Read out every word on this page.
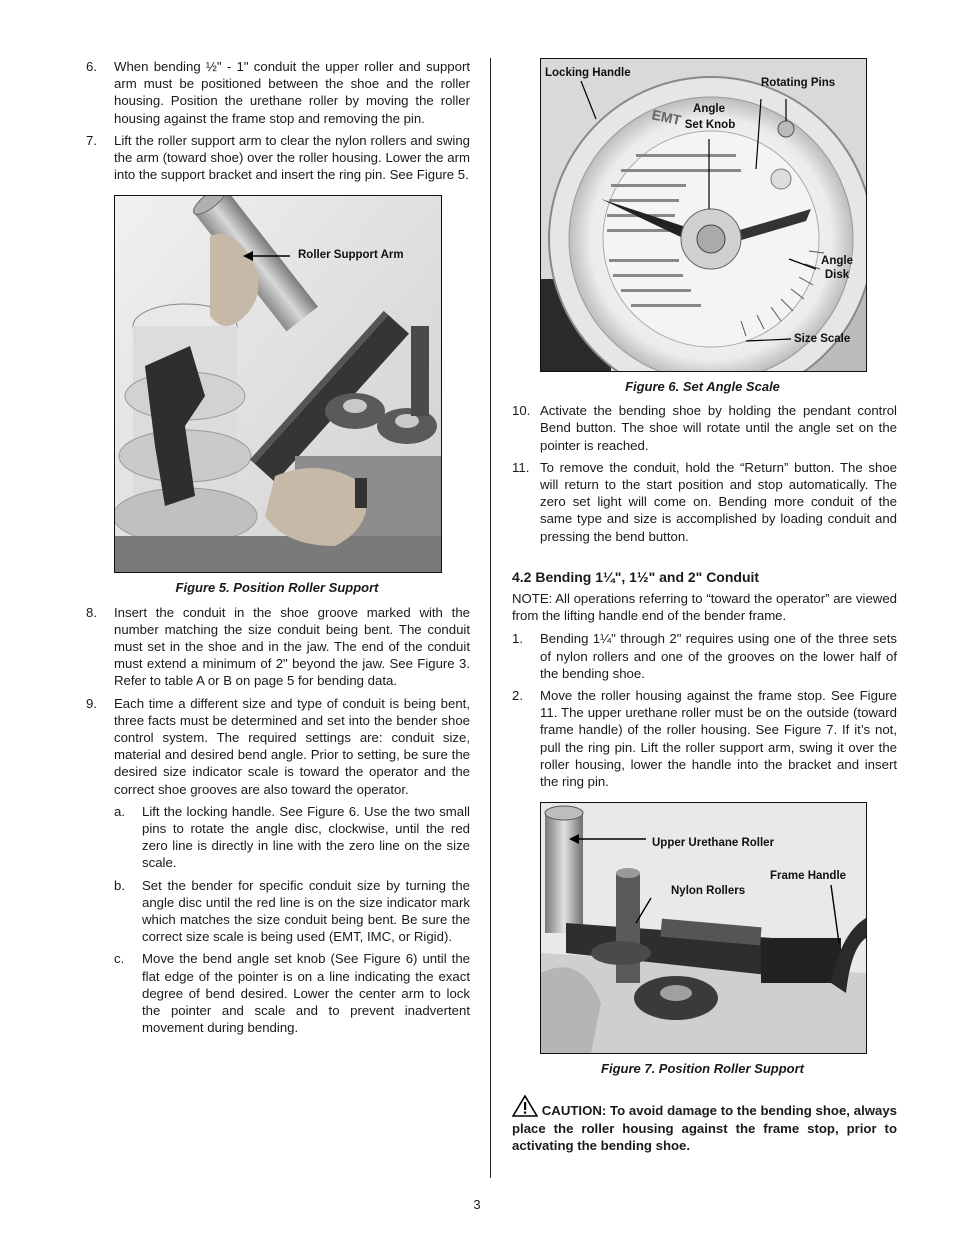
6. When bending ½" - 1" conduit the upper roller and support arm must be positioned between the shoe and the roller housing. Position the urethane roller by moving the roller housing against the frame stop and removing the pin.

7. Lift the roller support arm to clear the nylon rollers and swing the arm (toward shoe) over the roller housing. Lower the arm into the support bracket and insert the ring pin. See Figure 5.

Roller Support Arm
Figure 5. Position Roller Support
8. Insert the conduit in the shoe groove marked with the number matching the size conduit being bent. The conduit must set in the shoe and in the jaw. The end of the conduit must extend a minimum of 2" beyond the jaw. See Figure 3. Refer to table A or B on page 5 for bending data.

9. Each time a different size and type of conduit is being bent, three facts must be determined and set into the bender shoe control system. The required settings are: conduit size, material and desired bend angle. Prior to setting, be sure the desired size indicator scale is toward the operator and the correct shoe grooves are also toward the operator.

a. Lift the locking handle. See Figure 6. Use the two small pins to rotate the angle disc, clockwise, until the red zero line is directly in line with the zero line on the size scale.

b. Set the bender for specific conduit size by turning the angle disc until the red line is on the size indicator mark which matches the size conduit being bent. Be sure the correct size scale is being used (EMT, IMC, or Rigid).

c. Move the bend angle set knob (See Figure 6) until the flat edge of the pointer is on a line indicating the exact degree of bend desired. Lower the center arm to lock the pointer and scale and to prevent inadvertent movement during bending.

EMT
Locking Handle
Rotating Pins
Angle
Set Knob
Angle
Disk
Size Scale
Figure 6. Set Angle Scale
10. Activate the bending shoe by holding the pendant control Bend button. The shoe will rotate until the angle set on the pointer is reached.

11. To remove the conduit, hold the “Return” button. The shoe will return to the start position and stop automatically. The zero set light will come on. Bending more conduit of the same type and size is accomplished by loading conduit and pressing the bend button.

4.2 Bending 1¼", 1½" and 2" Conduit

NOTE: All operations referring to “toward the operator” are viewed from the lifting handle end of the bender frame.

1. Bending 1¼" through 2" requires using one of the three sets of nylon rollers and one of the grooves on the lower half of the bending shoe.

2. Move the roller housing against the frame stop. See Figure 11. The upper urethane roller must be on the outside (toward frame handle) of the roller housing. See Figure 7. If it’s not, pull the ring pin. Lift the roller support arm, swing it over the roller housing, lower the handle into the bracket and insert the ring pin.

Upper Urethane Roller
Frame Handle
Nylon Rollers
Figure 7. Position Roller Support
CAUTION: To avoid damage to the bending shoe, always place the roller housing against the frame stop, prior to activating the bending shoe.
3
